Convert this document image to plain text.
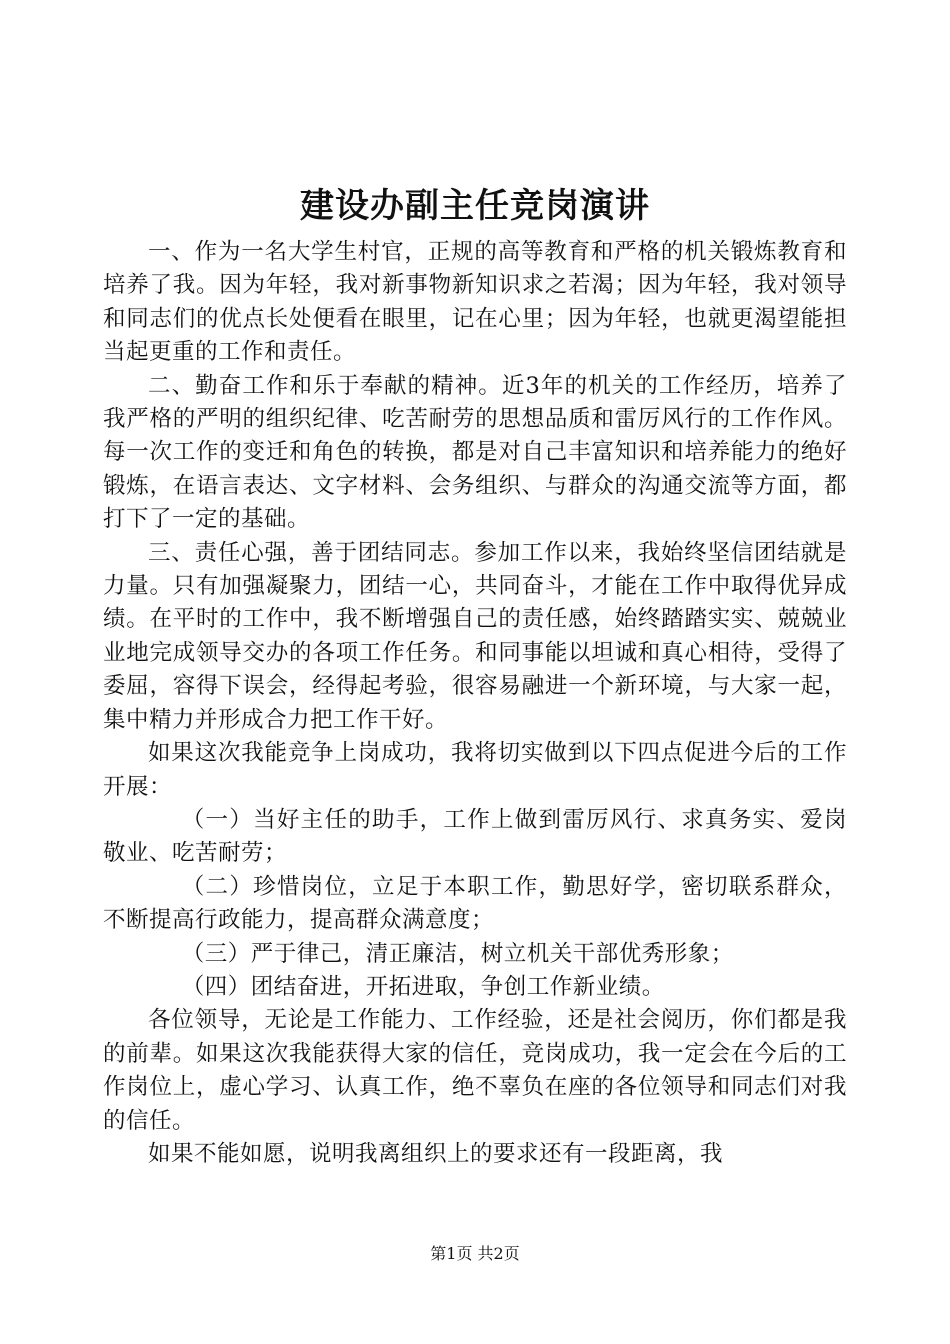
建设办副主任竞岗演讲

一、作为一名大学生村官，正规的高等教育和严格的机关锻炼教育和培养了我。因为年轻，我对新事物新知识求之若渴；因为年轻，我对领导和同志们的优点长处便看在眼里，记在心里；因为年轻，也就更渴望能担当起更重的工作和责任。

二、勤奋工作和乐于奉献的精神。近3年的机关的工作经历，培养了我严格的严明的组织纪律、吃苦耐劳的思想品质和雷厉风行的工作作风。每一次工作的变迁和角色的转换，都是对自己丰富知识和培养能力的绝好锻炼，在语言表达、文字材料、会务组织、与群众的沟通交流等方面，都打下了一定的基础。

三、责任心强，善于团结同志。参加工作以来，我始终坚信团结就是力量。只有加强凝聚力，团结一心，共同奋斗，才能在工作中取得优异成绩。在平时的工作中，我不断增强自己的责任感，始终踏踏实实、兢兢业业地完成领导交办的各项工作任务。和同事能以坦诚和真心相待，受得了委屈，容得下误会，经得起考验，很容易融进一个新环境，与大家一起，集中精力并形成合力把工作干好。

如果这次我能竞争上岗成功，我将切实做到以下四点促进今后的工作开展：

（一）当好主任的助手，工作上做到雷厉风行、求真务实、爱岗敬业、吃苦耐劳；

（二）珍惜岗位，立足于本职工作，勤思好学，密切联系群众，不断提高行政能力，提高群众满意度；

（三）严于律己，清正廉洁，树立机关干部优秀形象；

（四）团结奋进，开拓进取，争创工作新业绩。

各位领导，无论是工作能力、工作经验，还是社会阅历，你们都是我的前辈。如果这次我能获得大家的信任，竞岗成功，我一定会在今后的工作岗位上，虚心学习、认真工作，绝不辜负在座的各位领导和同志们对我的信任。

如果不能如愿，说明我离组织上的要求还有一段距离，我

第1页 共2页
